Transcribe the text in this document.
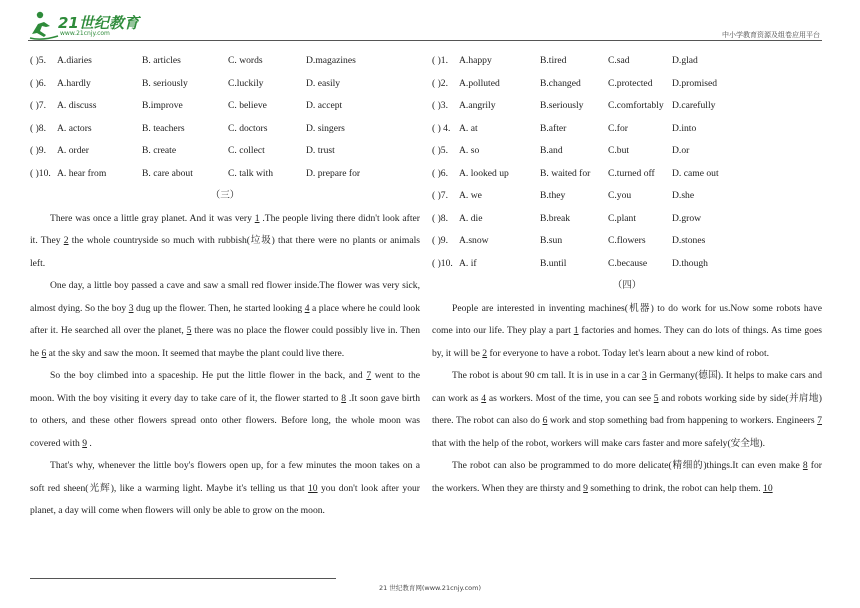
21世纪教育
www.21cnjy.com	中小学教育资源及组卷应用平台
( )5. A.diaries	B. articles	C. words	D.magazines
( )6. A.hardly	B. seriously	C.luckily	D. easily
( )7. A. discuss	B.improve	C. believe	D. accept
( )8. A. actors	B. teachers	C. doctors	D. singers
( )9. A. order	B. create	C. collect	D. trust
( )10. A. hear from	B. care about	C. talk with	D. prepare for
（三）

There was once a little gray planet. And it was very 1 .The people living there didn't look after it. They 2 the whole countryside so much with rubbish(垃圾) that there were no plants or animals left.

One day, a little boy passed a cave and saw a small red flower inside.The flower was very sick, almost dying. So the boy 3 dug up the flower. Then, he started looking 4 a place where he could look after it. He searched all over the planet, 5 there was no place the flower could possibly live in. Then he 6 at the sky and saw the moon. It seemed that maybe the plant could live there.

So the boy climbed into a spaceship. He put the little flower in the back, and 7 went to the moon. With the boy visiting it every day to take care of it, the flower started to 8 .It soon gave birth to others, and these other flowers spread onto other flowers. Before long, the whole moon was covered with 9 .

That's why, whenever the little boy's flowers open up, for a few minutes the moon takes on a soft red sheen(光辉), like a warming light. Maybe it's telling us that 10 you don't look after your planet, a day will come when flowers will only be able to grow on the moon.

( )1. A.happy	B.tired	C.sad	D.glad
( )2. A.polluted	B.changed	C.protected D.promised
( )3. A.angrily	B.seriously	C.comfortably D.carefully
( ) 4. A. at	B.after	C.for	D.into
( )5. A. so	B.and	C.but	D.or
( )6. A. looked up	B. waited for C.turned off D. came out
( )7. A. we	B.they	C.you	D.she
( )8. A. die	B.break	C.plant	D.grow
( )9. A.snow	B.sun	C.flowers	D.stones
( )10. A. if	B.until	C.because	D.though
（四）

People are interested in inventing machines(机器) to do work for us.Now some robots have come into our life. They play a part 1 factories and homes. They can do lots of things. As time goes by, it will be 2 for everyone to have a robot. Today let's learn about a new kind of robot.

The robot is about 90 cm tall. It is in use in a car 3 in Germany(德国). It helps to make cars and can work as 4 as workers. Most of the time, you can see 5 and robots working side by side(并肩地) there. The robot can also do 6 work and stop something bad from happening to workers. Engineers 7 that with the help of the robot, workers will make cars faster and more safely(安全地).

The robot can also be programmed to do more delicate(精细的)things.It can even make 8 for the workers. When they are thirsty and 9 something to drink, the robot can help them. 10

21 世纪教育网(www.21cnjy.com)
